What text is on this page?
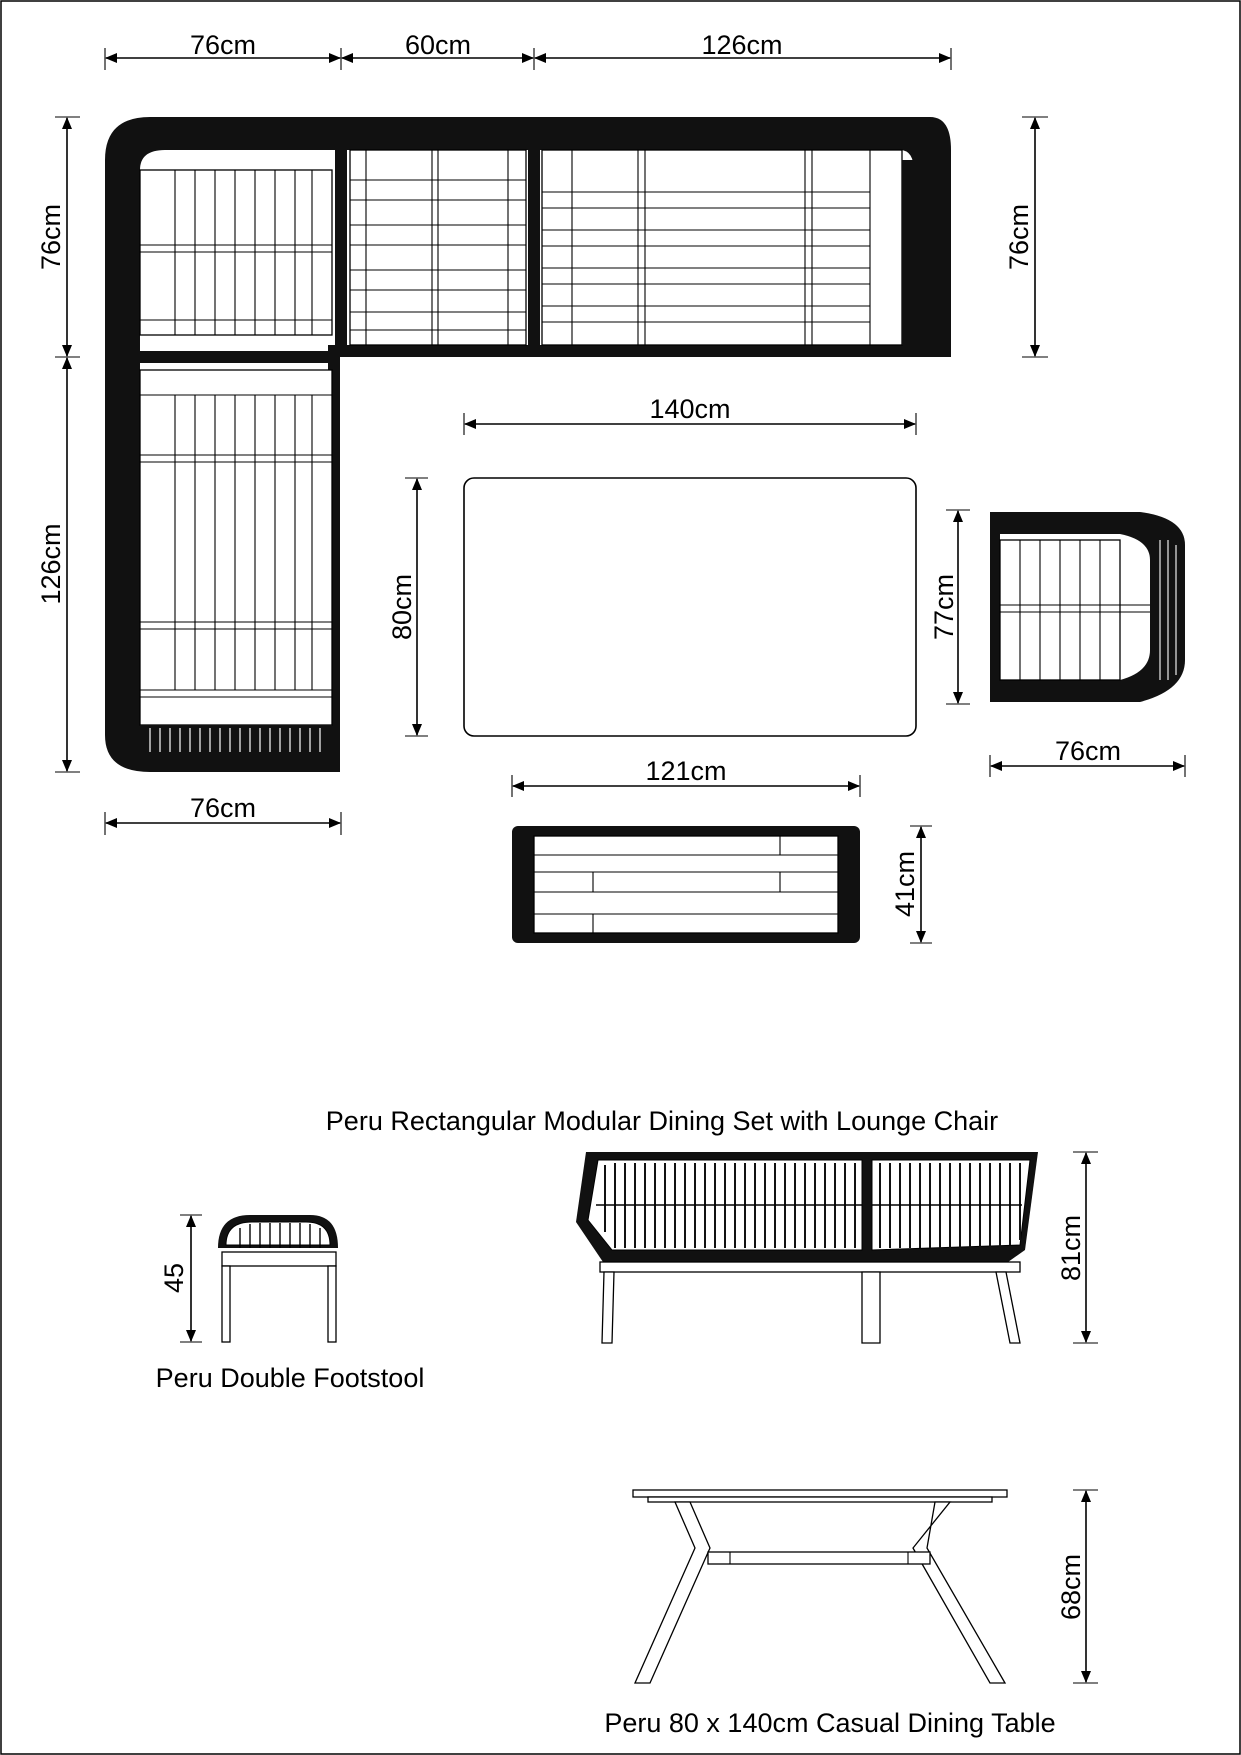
76cm	60cm	126cm
76cm
126cm
76cm
76cm
140cm
80cm	77cm
76cm
121cm
41cm
Peru Rectangular Modular Dining Set with Lounge Chair
45
Peru Double Footstool
81cm
68cm
Peru 80 x 140cm Casual Dining Table
